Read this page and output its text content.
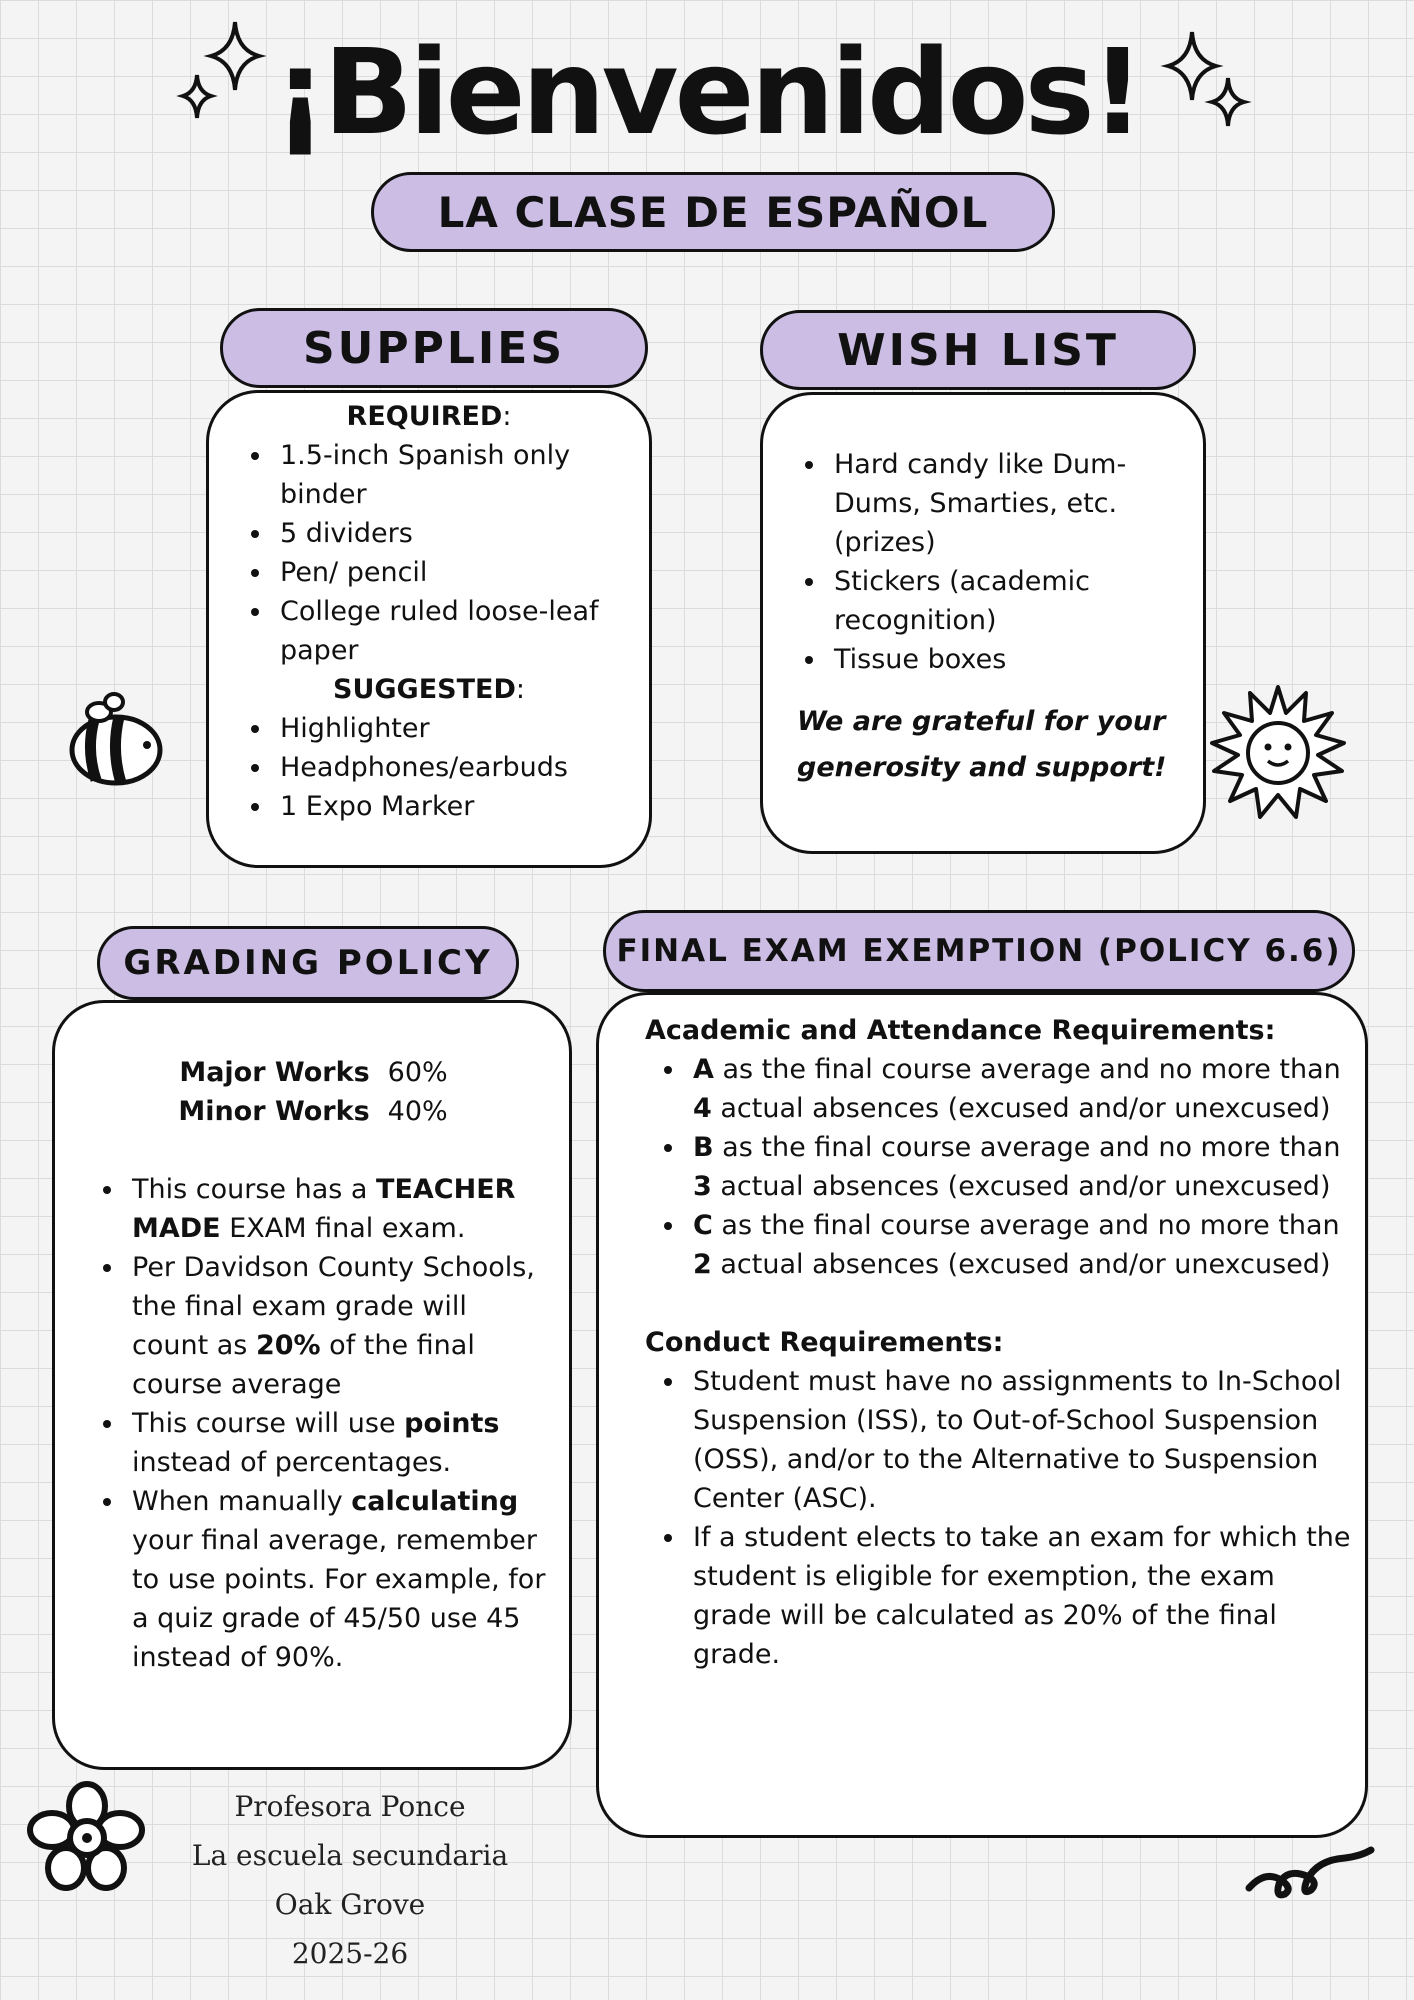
¡Bienvenidos!
LA CLASE DE ESPAÑOL
SUPPLIES
REQUIRED:
1.5-inch Spanish only binder
5 dividers
Pen/ pencil
College ruled loose-leaf paper
SUGGESTED:
Highlighter
Headphones/earbuds
1 Expo Marker
WISH LIST
Hard candy like Dum-Dums, Smarties, etc. (prizes)
Stickers (academic recognition)
Tissue boxes
We are grateful for your generosity and support!
GRADING POLICY
Major Works 60%
Minor Works 40%
This course has a TEACHER MADE EXAM final exam.
Per Davidson County Schools, the final exam grade will count as 20% of the final course average
This course will use points instead of percentages.
When manually calculating your final average, remember to use points. For example, for a quiz grade of 45/50 use 45 instead of 90%.
FINAL EXAM EXEMPTION (POLICY 6.6)
Academic and Attendance Requirements:
A as the final course average and no more than 4 actual absences (excused and/or unexcused)
B as the final course average and no more than 3 actual absences (excused and/or unexcused)
C as the final course average and no more than 2 actual absences (excused and/or unexcused)
Conduct Requirements:
Student must have no assignments to In-School Suspension (ISS), to Out-of-School Suspension (OSS), and/or to the Alternative to Suspension Center (ASC).
If a student elects to take an exam for which the student is eligible for exemption, the exam grade will be calculated as 20% of the final grade.
Profesora Ponce
La escuela secundaria
Oak Grove
2025-26
